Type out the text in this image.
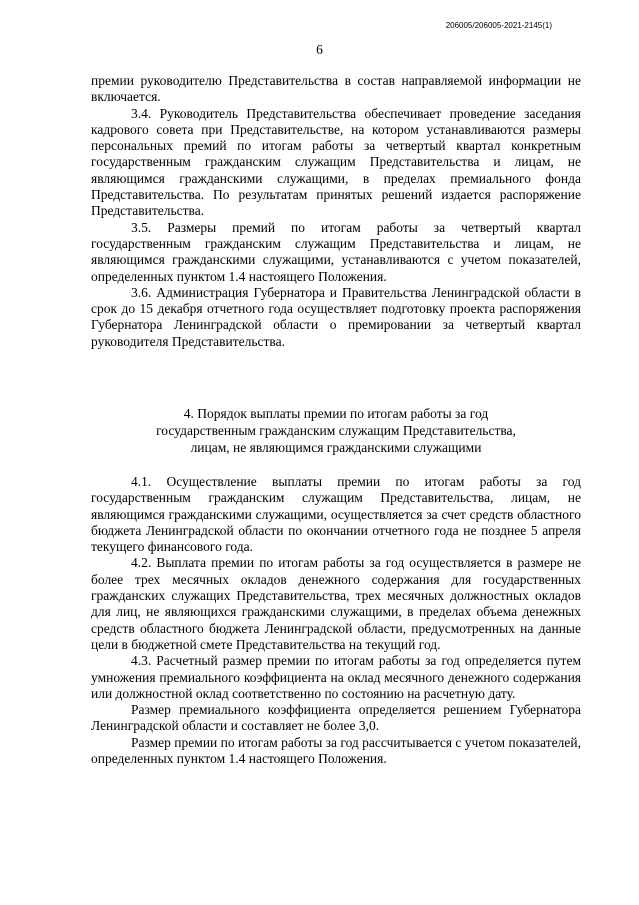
206005/206005-2021-2145(1)
6

премии руководителю Представительства в состав направляемой информации не включается.

3.4. Руководитель Представительства обеспечивает проведение заседания кадрового совета при Представительстве, на котором устанавливаются размеры персональных премий по итогам работы за четвертый квартал конкретным государственным гражданским служащим Представительства и лицам, не являющимся гражданскими служащими, в пределах премиального фонда Представительства. По результатам принятых решений издается распоряжение Представительства.

3.5. Размеры премий по итогам работы за четвертый квартал государственным гражданским служащим Представительства и лицам, не являющимся гражданскими служащими, устанавливаются с учетом показателей, определенных пунктом 1.4 настоящего Положения.

3.6. Администрация Губернатора и Правительства Ленинградской области в срок до 15 декабря отчетного года осуществляет подготовку проекта распоряжения Губернатора Ленинградской области о премировании за четвертый квартал руководителя Представительства.

4. Порядок выплаты премии по итогам работы за год
государственным гражданским служащим Представительства,
лицам, не являющимся гражданскими служащими

4.1. Осуществление выплаты премии по итогам работы за год государственным гражданским служащим Представительства, лицам, не являющимся гражданскими служащими, осуществляется за счет средств областного бюджета Ленинградской области по окончании отчетного года не позднее 5 апреля текущего финансового года.

4.2. Выплата премии по итогам работы за год осуществляется в размере не более трех месячных окладов денежного содержания для государственных гражданских служащих Представительства, трех месячных должностных окладов для лиц, не являющихся гражданскими служащими, в пределах объема денежных средств областного бюджета Ленинградской области, предусмотренных на данные цели в бюджетной смете Представительства на текущий год.

4.3. Расчетный размер премии по итогам работы за год определяется путем умножения премиального коэффициента на оклад месячного денежного содержания или должностной оклад соответственно по состоянию на расчетную дату.

Размер премиального коэффициента определяется решением Губернатора Ленинградской области и составляет не более 3,0.

Размер премии по итогам работы за год рассчитывается с учетом показателей, определенных пунктом 1.4 настоящего Положения.
